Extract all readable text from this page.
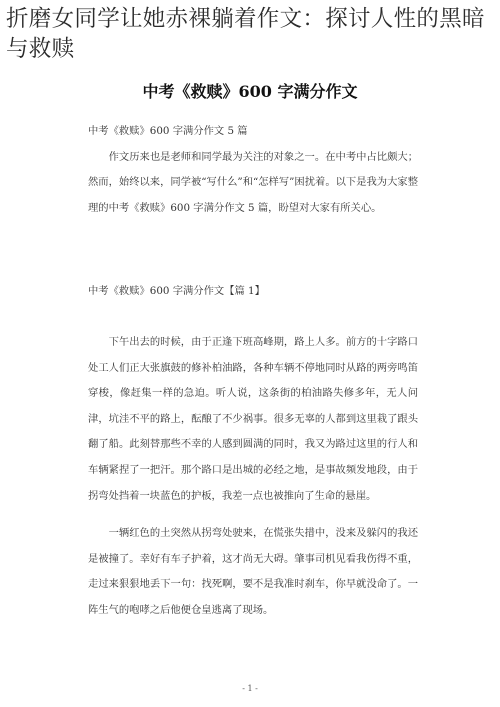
折磨女同学让她赤裸躺着作文：探讨人性的黑暗与救赎
中考《救赎》600 字满分作文

中考《救赎》600 字满分作文 5 篇

作文历来也是老师和同学最为关注的对象之一。在中考中占比颇大；然而，始终以来，同学被“写什么”和“怎样写”困扰着。以下是我为大家整理的中考《救赎》600 字满分作文 5 篇，盼望对大家有所关心。

中考《救赎》600 字满分作文【篇 1】

下午出去的时候，由于正逢下班高峰期，路上人多。前方的十字路口处工人们正大张旗鼓的修补柏油路，各种车辆不停地同时从路的两旁鸣笛穿梭，像赶集一样的急迫。听人说，这条街的柏油路失修多年，无人问津，坑洼不平的路上，酝酿了不少祸事。很多无辜的人都到这里栽了跟头翻了船。此刻替那些不幸的人感到圆满的同时，我又为路过这里的行人和车辆紧捏了一把汗。那个路口是出城的必经之地，是事故频发地段，由于拐弯处挡着一块蓝色的护板，我差一点也被推向了生命的悬崖。

一辆红色的土突然从拐弯处驶来，在慌张失措中，没来及躲闪的我还是被撞了。幸好有车子护着，这才尚无大碍。肇事司机见看我伤得不重，走过来狠狠地丢下一句：找死啊，要不是我准时刹车，你早就没命了。一阵生气的咆哮之后他便仓皇逃离了现场。

- 1 -
